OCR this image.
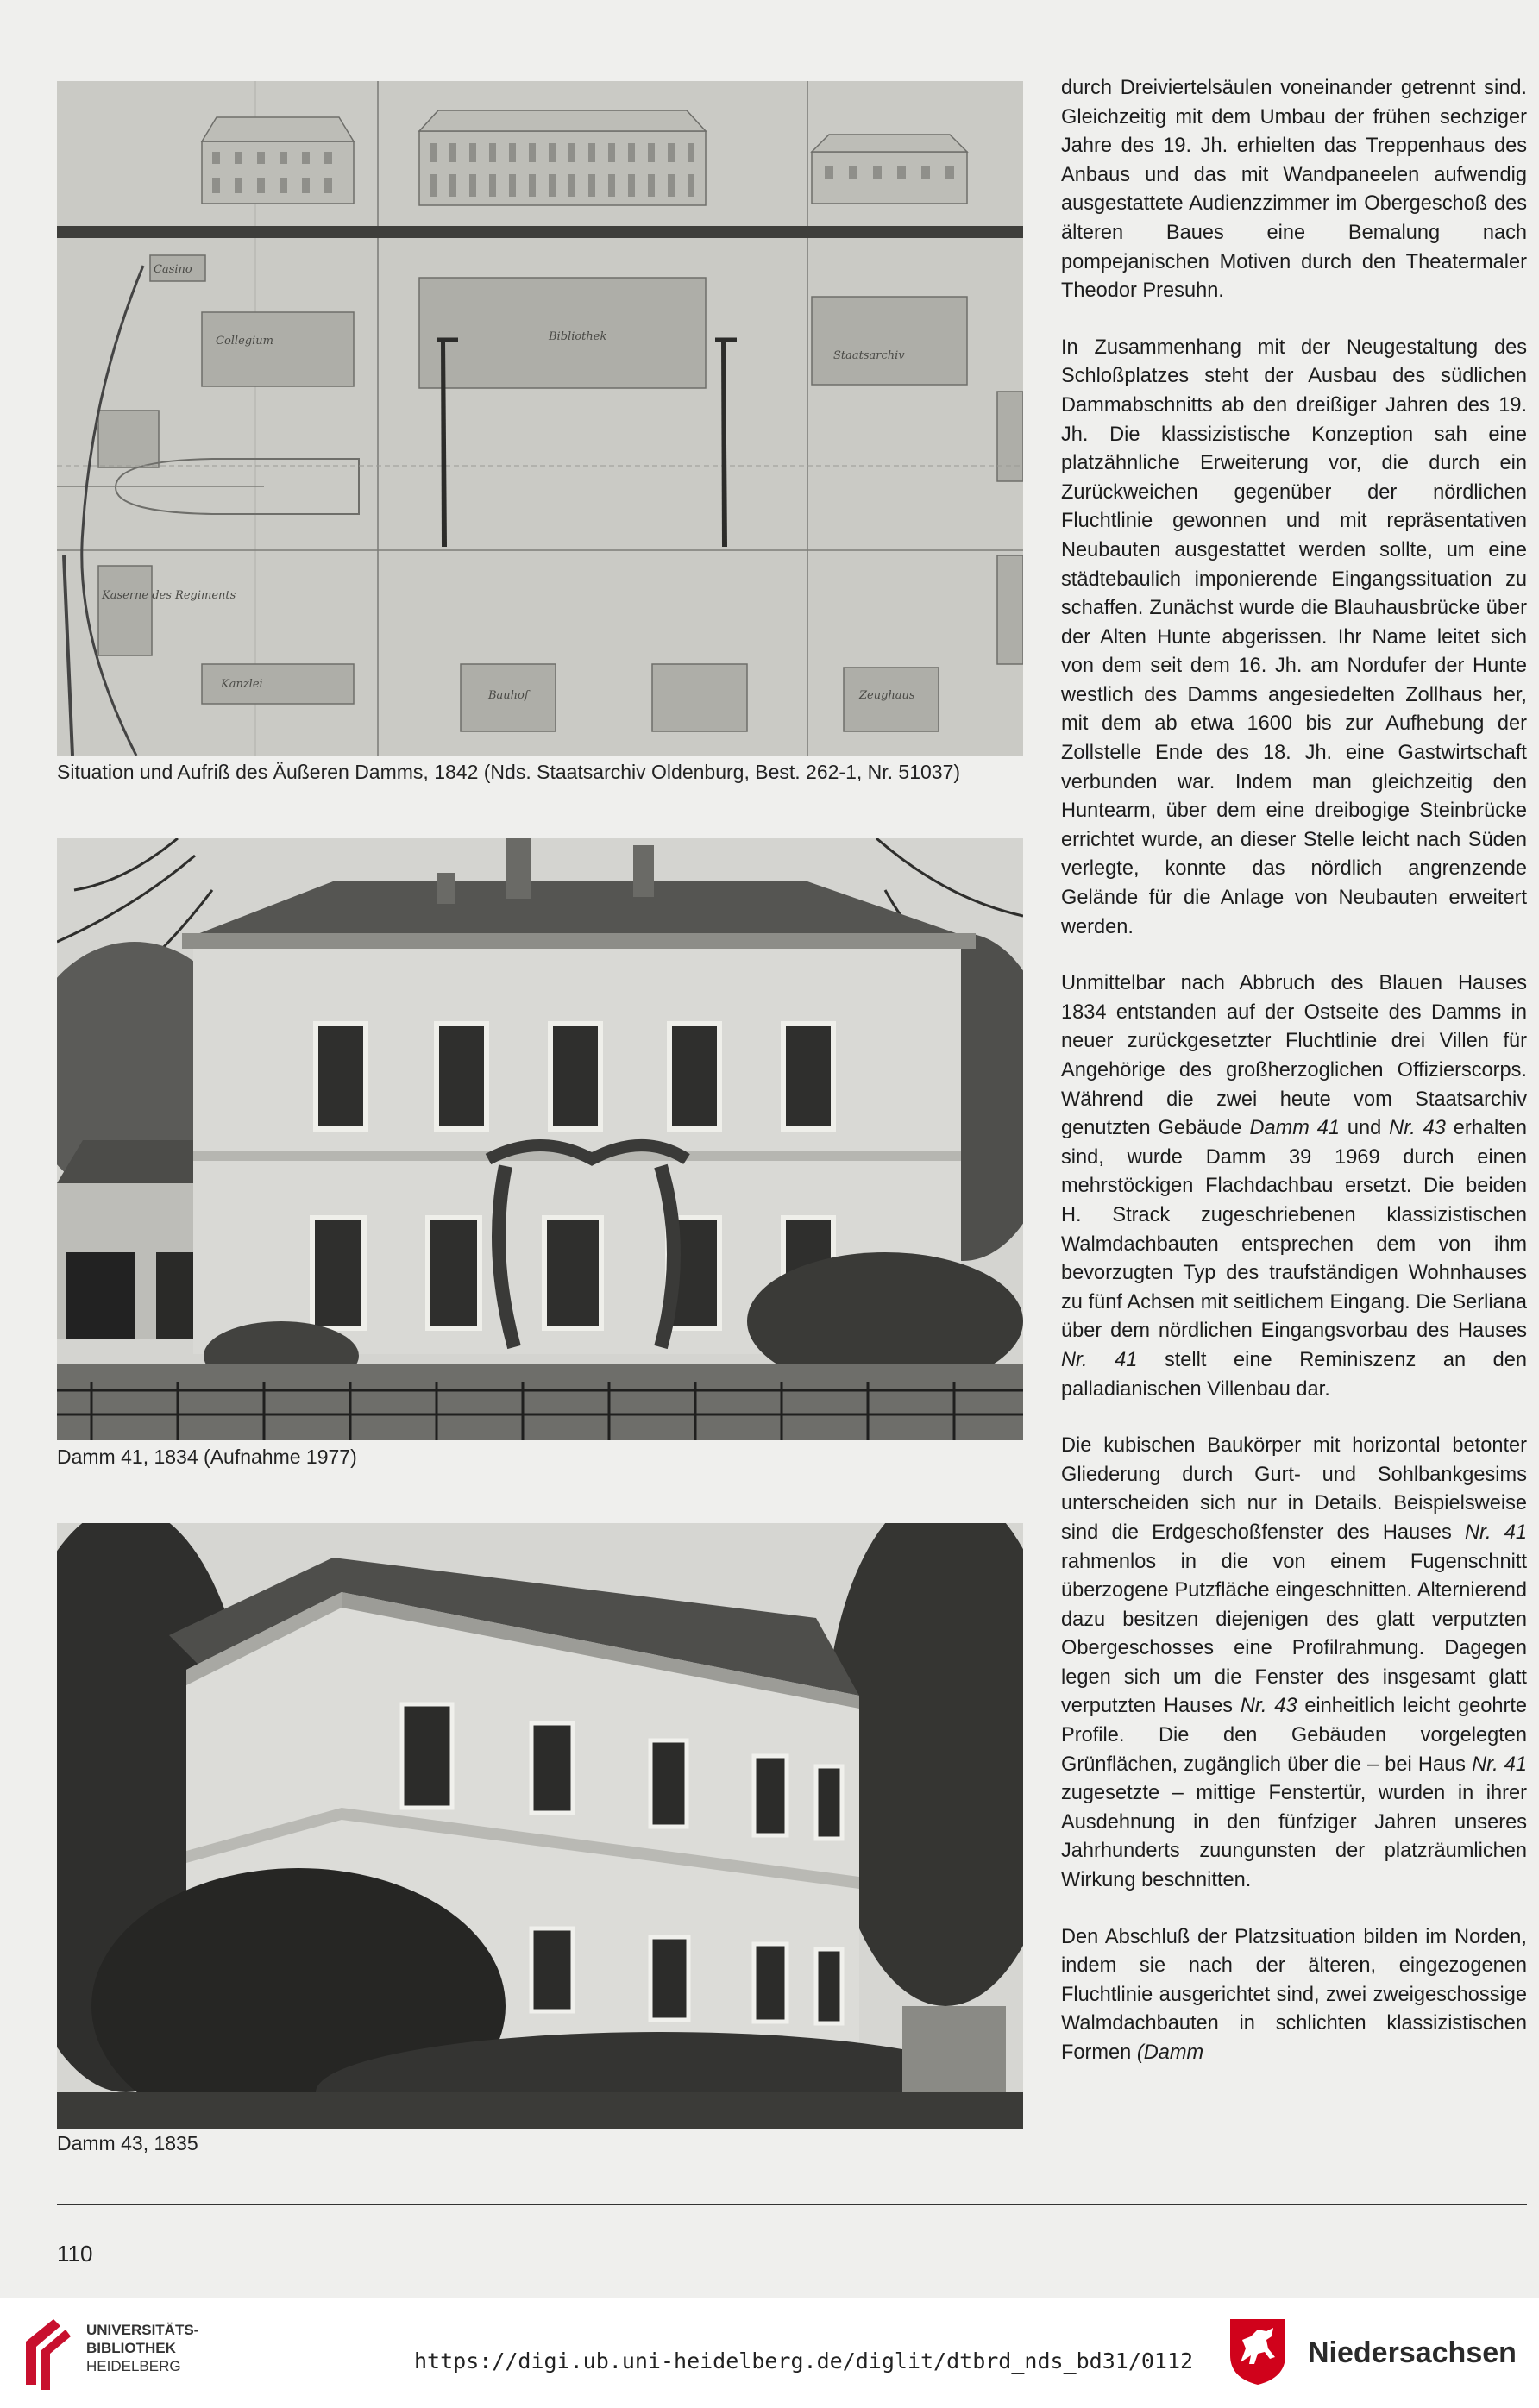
Casino
Collegium	Bibliothek
Staatsarchiv
Kaserne des Regiments
Kanzlei
Bauhof	Zeughaus
Situation und Aufriß des Äußeren Damms, 1842 (Nds. Staatsarchiv Oldenburg, Best. 262-1, Nr. 51037)
Damm 41, 1834 (Aufnahme 1977)
Damm 43, 1835

durch Dreiviertelsäulen voneinander getrennt sind. Gleichzeitig mit dem Umbau der frühen sechziger Jahre des 19. Jh. erhielten das Treppenhaus des Anbaus und das mit Wandpaneelen aufwendig ausgestattete Audienzzimmer im Obergeschoß des älteren Baues eine Bemalung nach pompejanischen Motiven durch den Theatermaler Theodor Presuhn.

In Zusammenhang mit der Neugestaltung des Schloßplatzes steht der Ausbau des südlichen Dammabschnitts ab den dreißiger Jahren des 19. Jh. Die klassizistische Konzeption sah eine platzähnliche Erweiterung vor, die durch ein Zurückweichen gegenüber der nördlichen Fluchtlinie gewonnen und mit repräsentativen Neubauten ausgestattet werden sollte, um eine städtebaulich imponierende Eingangssituation zu schaffen. Zunächst wurde die Blauhausbrücke über der Alten Hunte abgerissen. Ihr Name leitet sich von dem seit dem 16. Jh. am Nordufer der Hunte westlich des Damms angesiedelten Zollhaus her, mit dem ab etwa 1600 bis zur Aufhebung der Zollstelle Ende des 18. Jh. eine Gastwirtschaft verbunden war. Indem man gleichzeitig den Huntearm, über dem eine dreibogige Steinbrücke errichtet wurde, an dieser Stelle leicht nach Süden verlegte, konnte das nördlich angrenzende Gelände für die Anlage von Neubauten erweitert werden.

Unmittelbar nach Abbruch des Blauen Hauses 1834 entstanden auf der Ostseite des Damms in neuer zurückgesetzter Fluchtlinie drei Villen für Angehörige des großherzoglichen Offizierscorps. Während die zwei heute vom Staatsarchiv genutzten Gebäude Damm 41 und Nr. 43 erhalten sind, wurde Damm 39 1969 durch einen mehrstöckigen Flachdachbau ersetzt. Die beiden H. Strack zugeschriebenen klassizistischen Walmdachbauten entsprechen dem von ihm bevorzugten Typ des traufständigen Wohnhauses zu fünf Achsen mit seitlichem Eingang. Die Serliana über dem nördlichen Eingangsvorbau des Hauses Nr. 41 stellt eine Reminiszenz an den palladianischen Villenbau dar.

Die kubischen Baukörper mit horizontal betonter Gliederung durch Gurt- und Sohlbankgesims unterscheiden sich nur in Details. Beispielsweise sind die Erdgeschoßfenster des Hauses Nr. 41 rahmenlos in die von einem Fugenschnitt überzogene Putzfläche eingeschnitten. Alternierend dazu besitzen diejenigen des glatt verputzten Obergeschosses eine Profilrahmung. Dagegen legen sich um die Fenster des insgesamt glatt verputzten Hauses Nr. 43 einheitlich leicht geohrte Profile. Die den Gebäuden vorgelegten Grünflächen, zugänglich über die – bei Haus Nr. 41 zugesetzte – mittige Fenstertür, wurden in ihrer Ausdehnung in den fünfziger Jahren unseres Jahrhunderts zuungunsten der platzräumlichen Wirkung beschnitten.

Den Abschluß der Platzsituation bilden im Norden, indem sie nach der älteren, eingezogenen Fluchtlinie ausgerichtet sind, zwei zweigeschossige Walmdachbauten in schlichten klassizistischen Formen (Damm

110
UNIVERSITÄTS-
BIBLIOTHEK
HEIDELBERG	https://digi.ub.uni-heidelberg.de/diglit/dtbrd_nds_bd31/0112	Niedersachsen
